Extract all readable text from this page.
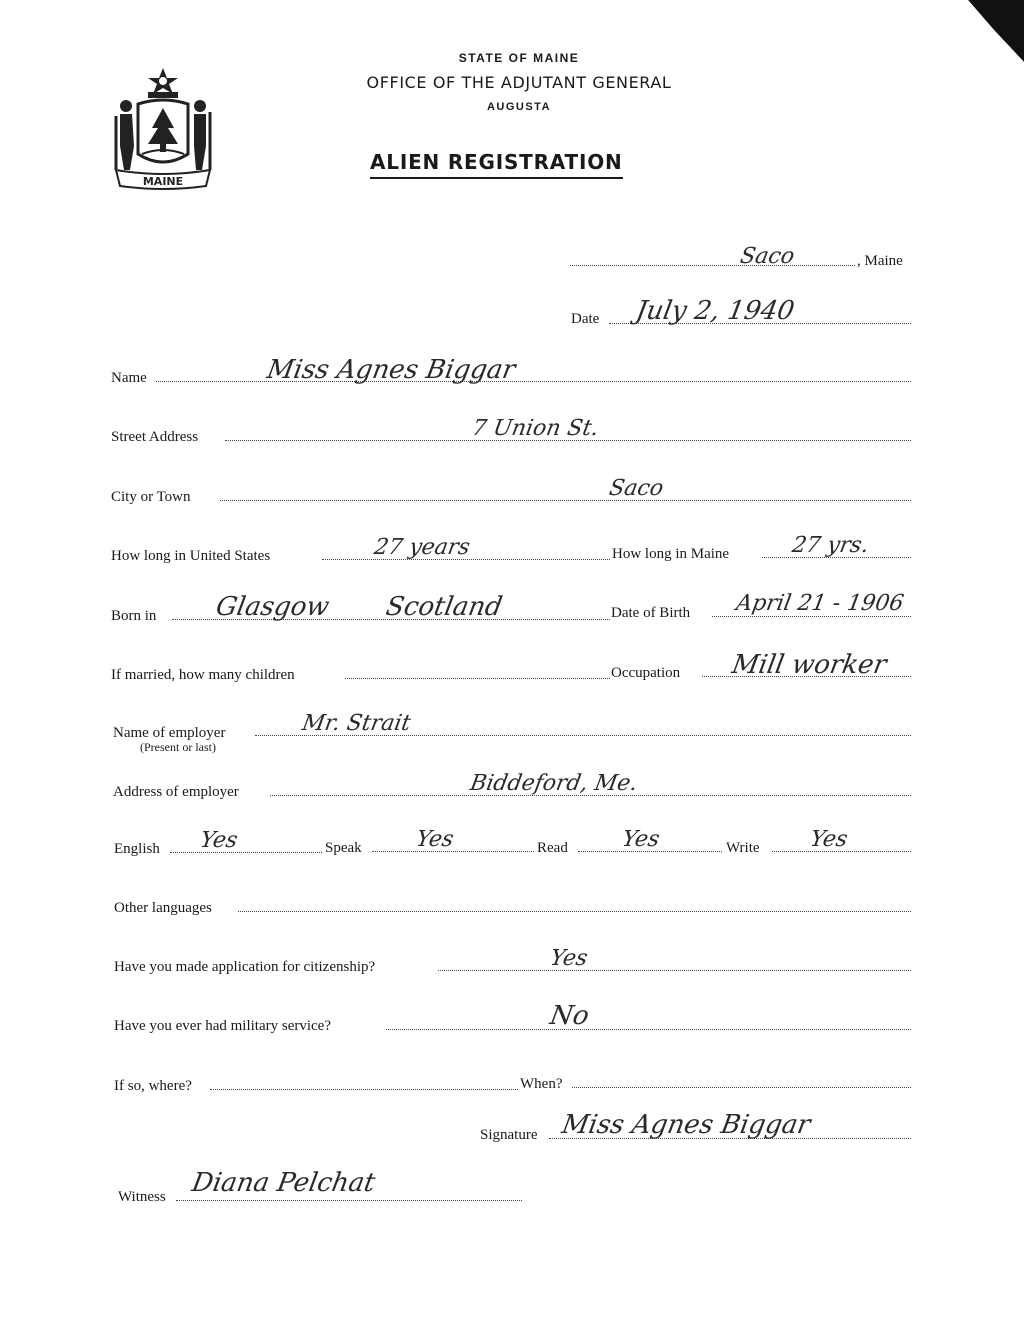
MAINE
STATE OF MAINE
OFFICE OF THE ADJUTANT GENERAL
AUGUSTA
ALIEN REGISTRATION
Saco	, Maine
Date July 2, 1940
Name	Miss Agnes Biggar
Street Address	7 Union St.
City or Town	Saco
How long in United States	27 years	How long in Maine	27 yrs.
Born in Glasgow Scotland	Date of Birth April 21 - 1906
If married, how many children	Occupation Mill worker
Name of employer
(Present or last)
Mr. Strait
Address of employer	Biddeford, Me.
English Yes	Speak Yes	Read Yes	Write Yes
Other languages
Have you made application for citizenship?	Yes
Have you ever had military service?	No
If so, where?	When?
Signature Miss Agnes Biggar
Witness Diana Pelchat
